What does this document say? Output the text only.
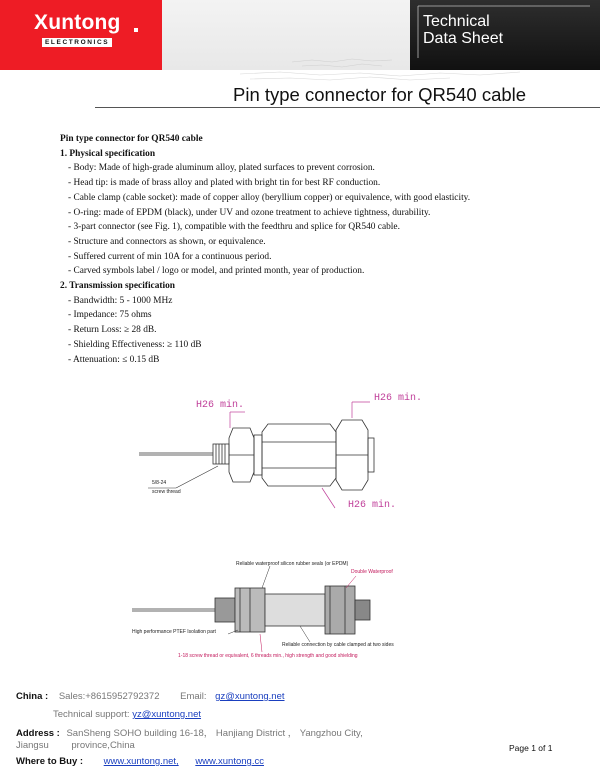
Xuntong
ELECTRONICS
Technical
Data Sheet
Pin type connector for QR540 cable
Pin type connector for QR540 cable
1. Physical specification
- Body: Made of high-grade aluminum alloy, plated surfaces to prevent corrosion.
- Head tip: is made of brass alloy and plated with bright tin for best RF conduction.
- Cable clamp (cable socket): made of copper alloy (beryllium copper) or equivalence, with good elasticity.
- O-ring: made of EPDM (black), under UV and ozone treatment to achieve tightness, durability.
- 3-part connector (see Fig. 1), compatible with the feedthru and splice for QR540 cable.
- Structure and connectors as shown, or equivalence.
- Suffered current of min 10A for a continuous period.
- Carved symbols label / logo or model, and printed month, year of production.
2. Transmission specification
- Bandwidth: 5 - 1000 MHz
- Impedance: 75 ohms
- Return Loss: ≥ 28 dB.
- Shielding Effectiveness: ≥ 110 dB
- Attenuation: ≤ 0.15 dB
H26 min.
H26 min.
H26 min.
5/8-24
screw thread
Reliable waterproof silicon rubber seals (or EPDM)
Double Waterproof
High performance PTEF Isolation part
Reliable connection by cable clamped at two sides
1-18 screw thread or equivalent, 6 threads min., high strength and good shielding
China : Sales:+8615952792372 Email: gz@xuntong.net
Technical support: yz@xuntong.net
Address : SanSheng SOHO building 16-18， Hanjiang District ， Yangzhou City,
Jiangsu province,China
Where to Buy : www.xuntong.net, www.xuntong.cc
Page 1 of 1
